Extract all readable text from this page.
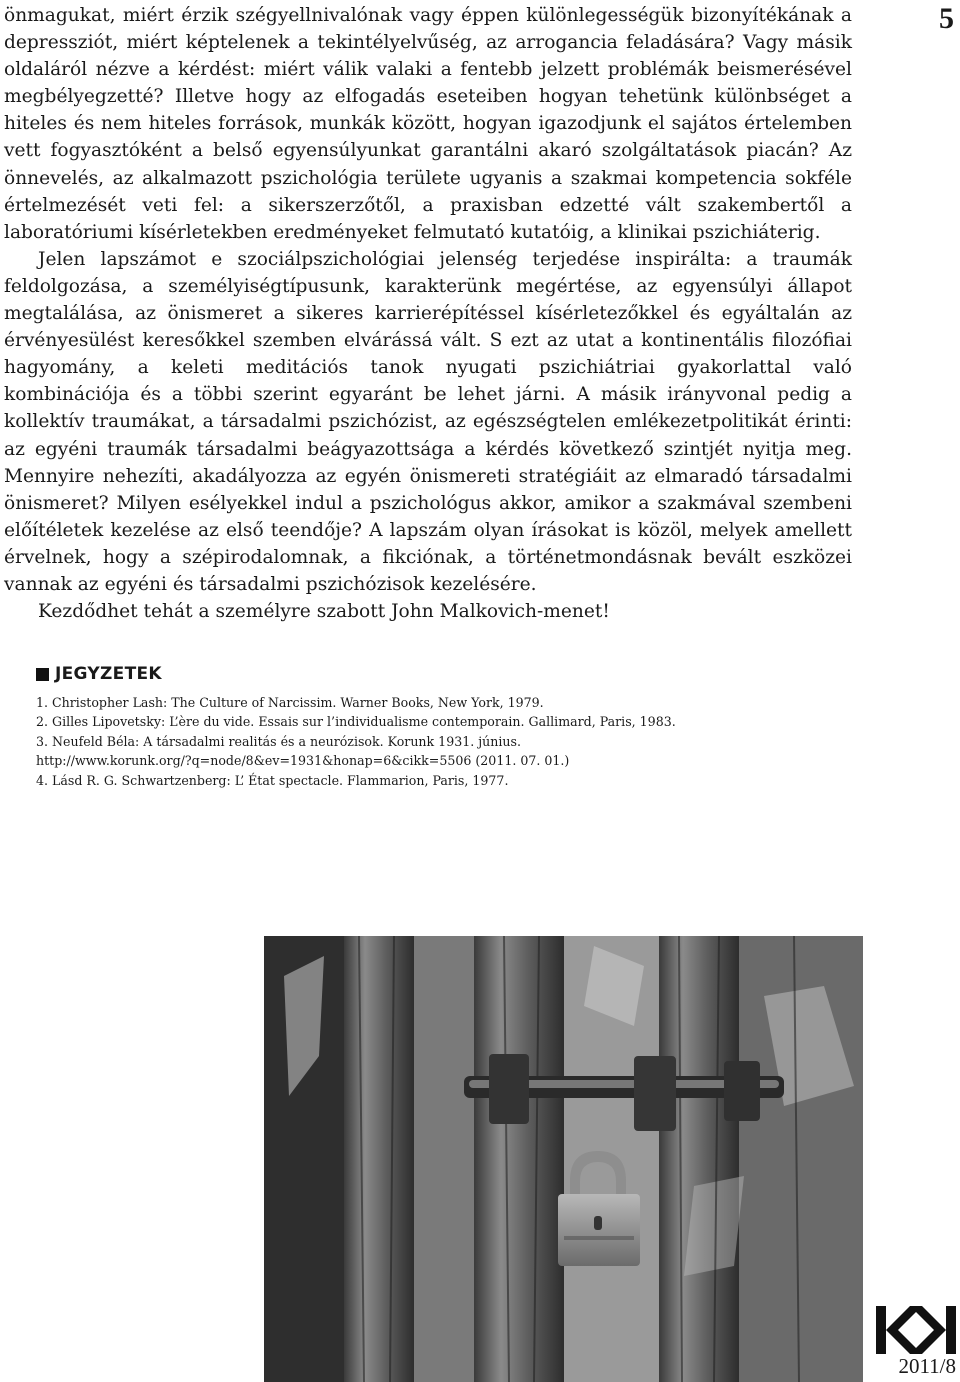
5

önmagukat, miért érzik szégyellnivalónak vagy éppen különlegességük bizonyítékának a depressziót, miért képtelenek a tekintélyelvűség, az arrogancia feladására? Vagy másik oldaláról nézve a kérdést: miért válik valaki a fentebb jelzett problémák beismerésével megbélyegzetté? Illetve hogy az elfogadás eseteiben hogyan tehetünk különbséget a hiteles és nem hiteles források, munkák között, hogyan igazodjunk el sajátos értelemben vett fogyasztóként a belső egyensúlyunkat garantálni akaró szolgáltatások piacán? Az önnevelés, az alkalmazott pszichológia területe ugyanis a szakmai kompetencia sokféle értelmezését veti fel: a sikerszerzőtől, a praxisban edzetté vált szakembertől a laboratóriumi kísérletekben eredményeket felmutató kutatóig, a klinikai pszichiáterig.

Jelen lapszámot e szociálpszichológiai jelenség terjedése inspirálta: a traumák feldolgozása, a személyiségtípusunk, karakterünk megértése, az egyensúlyi állapot megtalálása, az önismeret a sikeres karrierépítéssel kísérletezőkkel és egyáltalán az érvényesülést keresőkkel szemben elvárássá vált. S ezt az utat a kontinentális filozófiai hagyomány, a keleti meditációs tanok nyugati pszichiátriai gyakorlattal való kombinációja és a többi szerint egyaránt be lehet járni. A másik irányvonal pedig a kollektív traumákat, a társadalmi pszichózist, az egészségtelen emlékezetpolitikát érinti: az egyéni traumák társadalmi beágyazottsága a kérdés következő szintjét nyitja meg. Mennyire nehezíti, akadályozza az egyén önismereti stratégiáit az elmaradó társadalmi önismeret? Milyen esélyekkel indul a pszichológus akkor, amikor a szakmával szembeni előítéletek kezelése az első teendője? A lapszám olyan írásokat is közöl, melyek amellett érvelnek, hogy a szépirodalomnak, a fikciónak, a történetmondásnak bevált eszközei vannak az egyéni és társadalmi pszichózisok kezelésére.

Kezdődhet tehát a személyre szabott John Malkovich-menet!

JEGYZETEK
1. Christopher Lash: The Culture of Narcissim. Warner Books, New York, 1979.
2. Gilles Lipovetsky: L’ère du vide. Essais sur l’individualisme contemporain. Gallimard, Paris, 1983.
3. Neufeld Béla: A társadalmi realitás és a neurózisok. Korunk 1931. június.
http://www.korunk.org/?q=node/8&ev=1931&honap=6&cikk=5506 (2011. 07. 01.)
4. Lásd R. G. Schwartzenberg: L’ État spectacle. Flammarion, Paris, 1977.
2011/8
